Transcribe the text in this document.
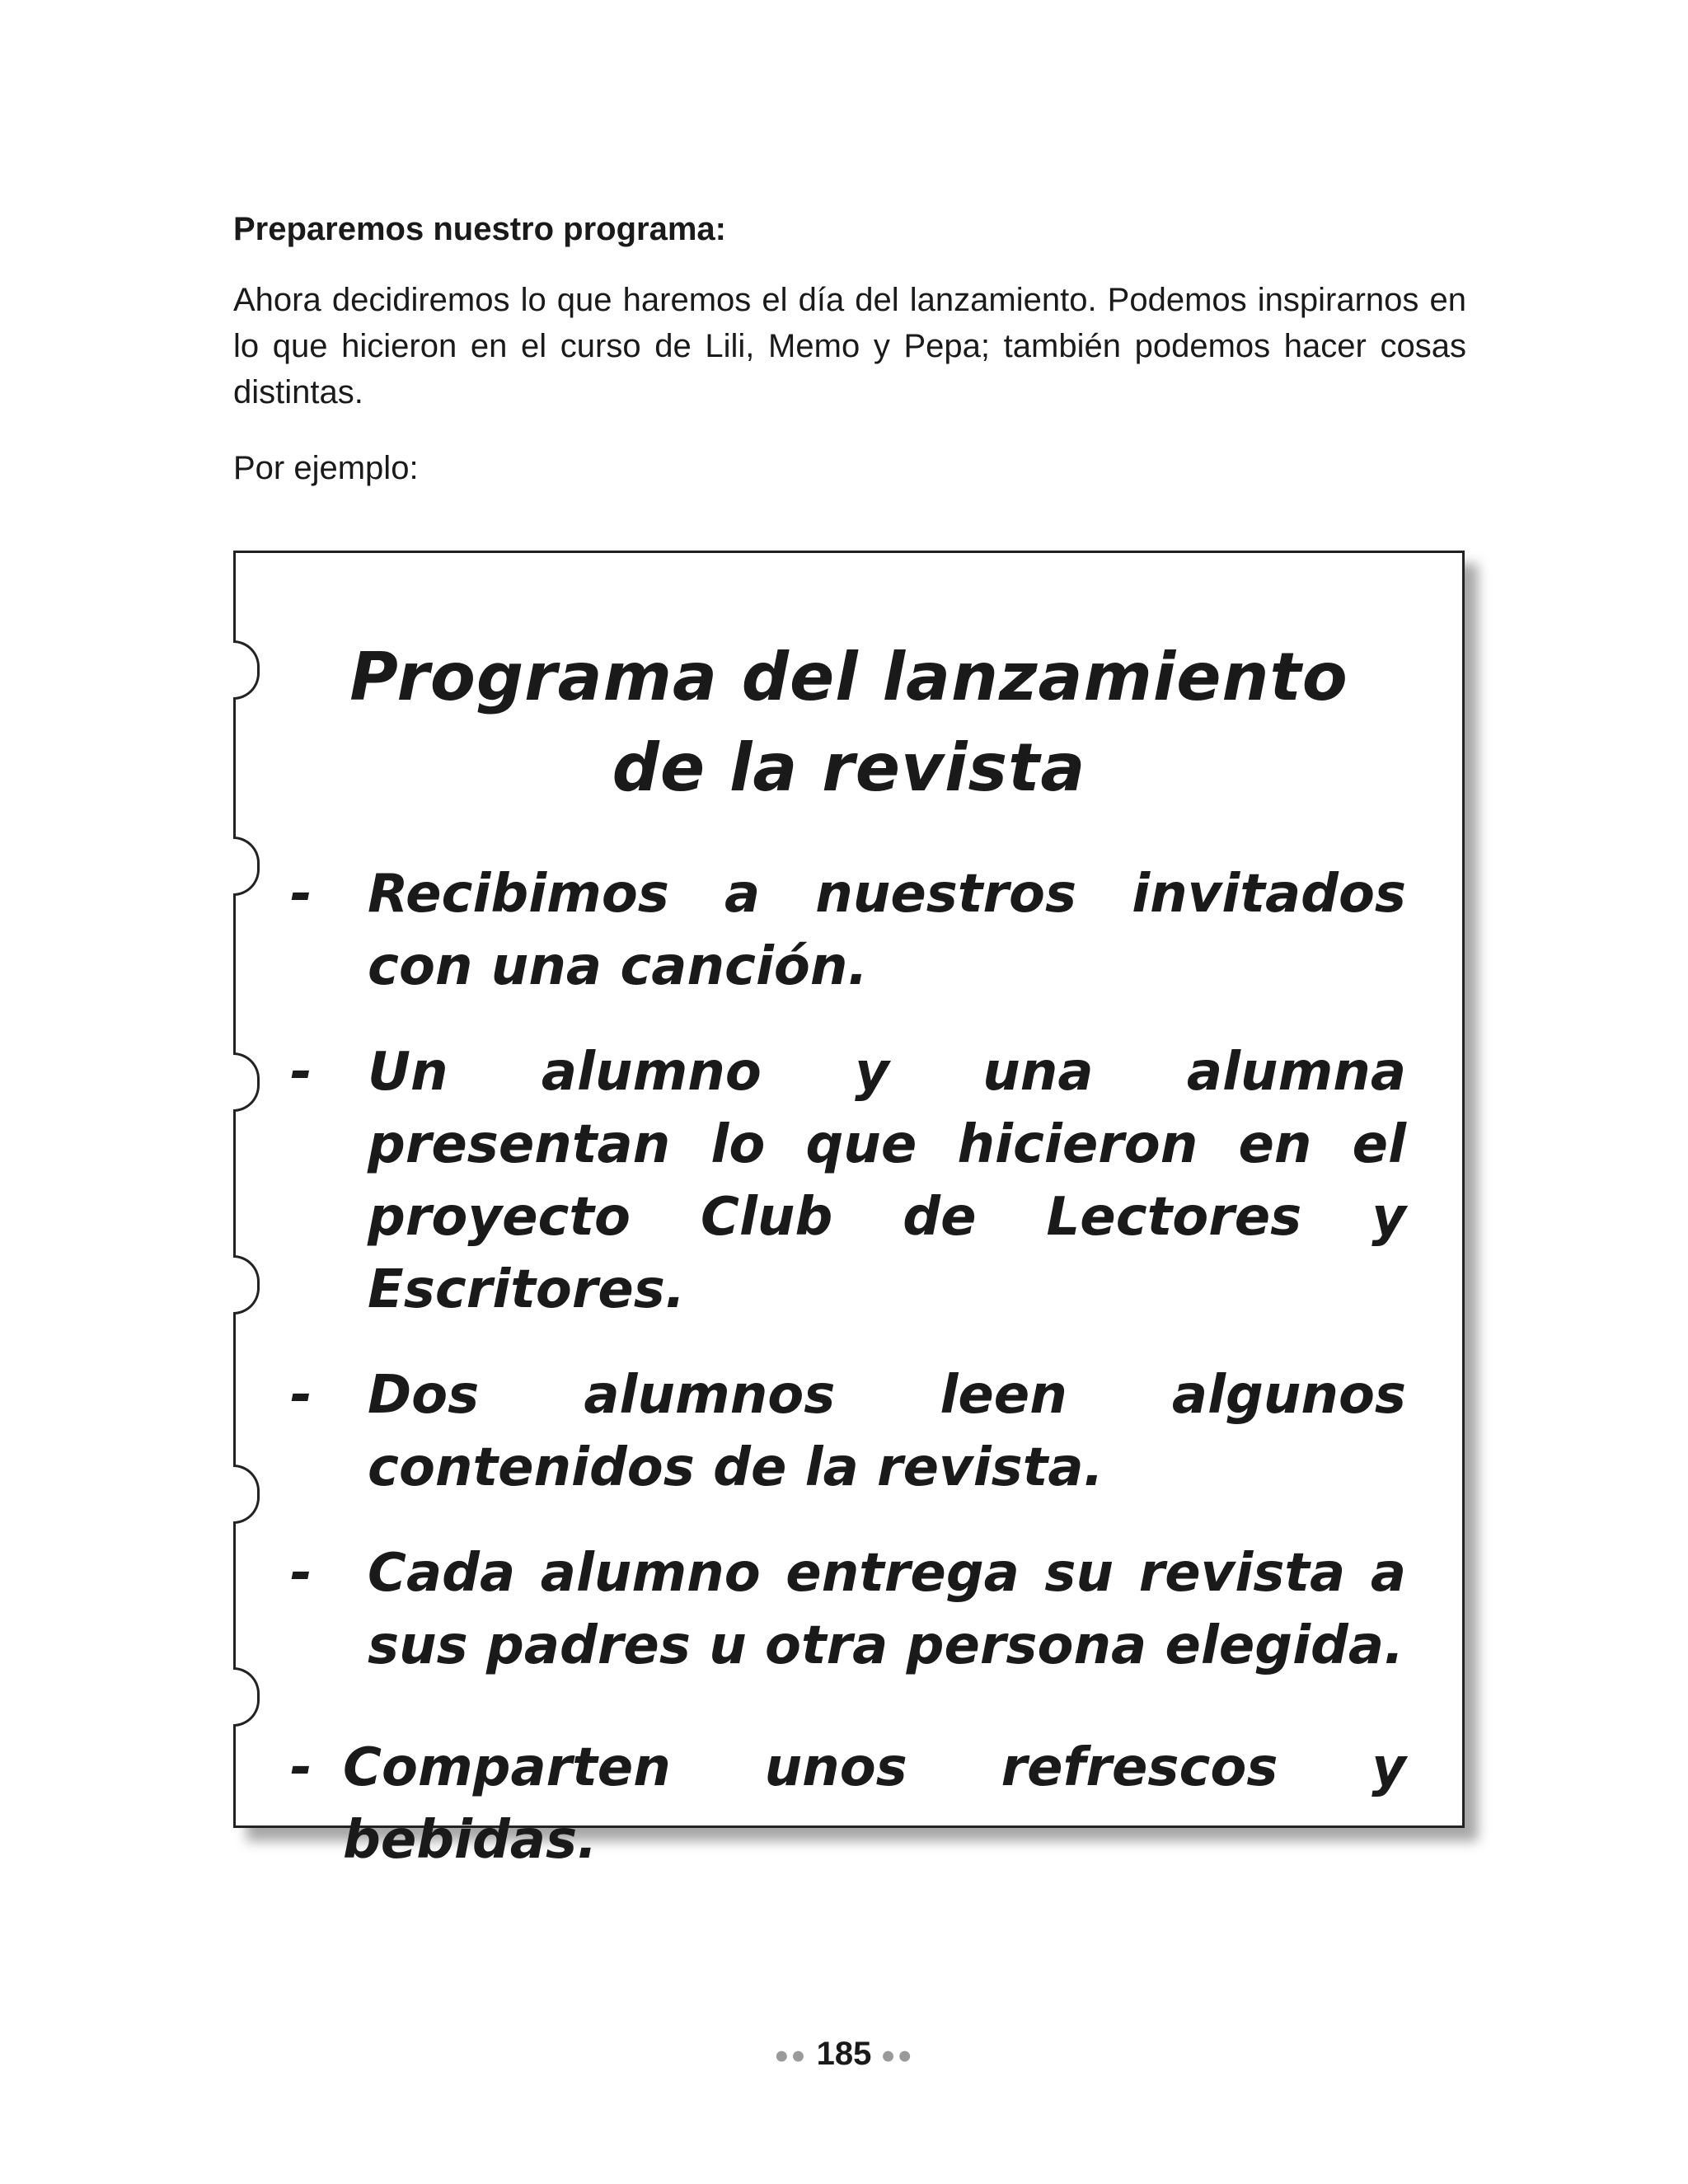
Preparemos nuestro programa:

Ahora decidiremos lo que haremos el día del lanzamiento. Podemos inspirarnos en lo que hicieron en el curso de Lili, Memo y Pepa; también podemos hacer cosas distintas.

Por ejemplo:

Programa del lanzamiento
de la revista
- Recibimos a nuestros invitados con una canción.
- Un alumno y una alumna presentan lo que hicieron en el proyecto Club de Lectores y Escritores.
- Dos alumnos leen algunos contenidos de la revista.
- Cada alumno entrega su revista a sus padres u otra persona elegida.
- Comparten unos refrescos y bebidas.
●● 185 ●●
